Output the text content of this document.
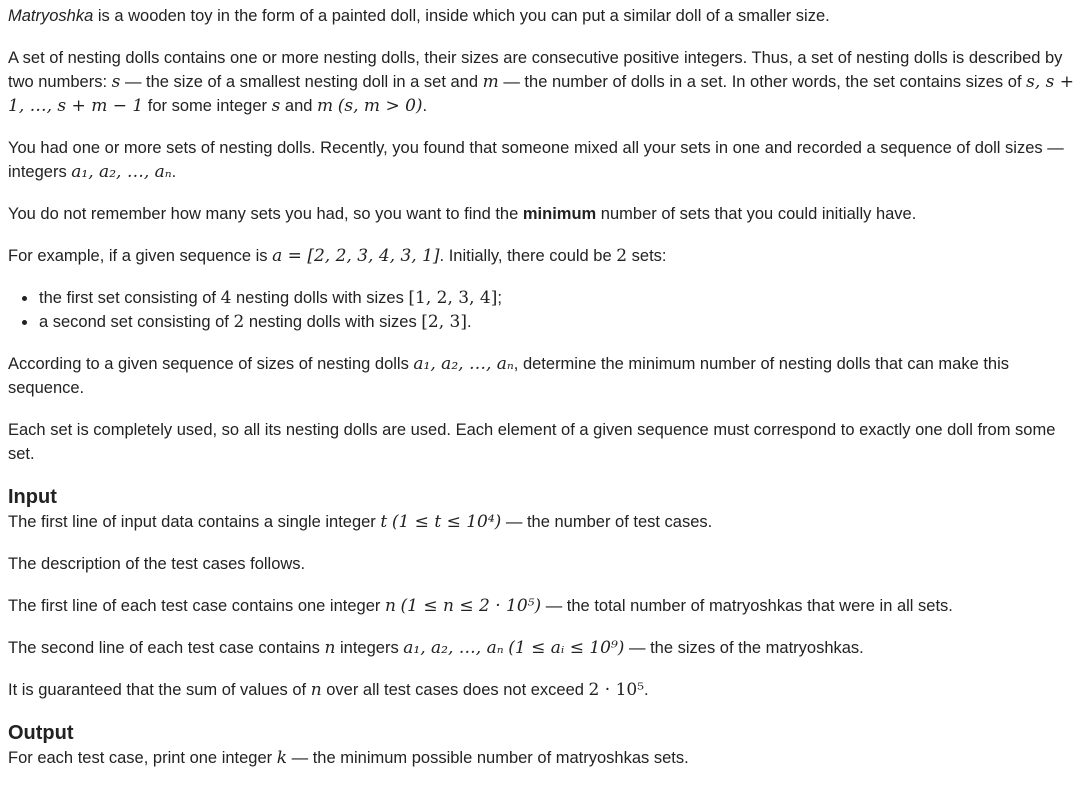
Matryoshka is a wooden toy in the form of a painted doll, inside which you can put a similar doll of a smaller size.

A set of nesting dolls contains one or more nesting dolls, their sizes are consecutive positive integers. Thus, a set of nesting dolls is described by two numbers: s — the size of a smallest nesting doll in a set and m — the number of dolls in a set. In other words, the set contains sizes of s, s + 1, …, s + m − 1 for some integer s and m (s, m > 0).

You had one or more sets of nesting dolls. Recently, you found that someone mixed all your sets in one and recorded a sequence of doll sizes — integers a₁, a₂, …, aₙ.

You do not remember how many sets you had, so you want to find the minimum number of sets that you could initially have.

For example, if a given sequence is a = [2, 2, 3, 4, 3, 1]. Initially, there could be 2 sets:

• the first set consisting of 4 nesting dolls with sizes [1, 2, 3, 4];
• a second set consisting of 2 nesting dolls with sizes [2, 3].

According to a given sequence of sizes of nesting dolls a₁, a₂, …, aₙ, determine the minimum number of nesting dolls that can make this sequence.

Each set is completely used, so all its nesting dolls are used. Each element of a given sequence must correspond to exactly one doll from some set.

Input

The first line of input data contains a single integer t (1 ≤ t ≤ 10⁴) — the number of test cases.

The description of the test cases follows.

The first line of each test case contains one integer n (1 ≤ n ≤ 2 · 10⁵) — the total number of matryoshkas that were in all sets.

The second line of each test case contains n integers a₁, a₂, …, aₙ (1 ≤ aᵢ ≤ 10⁹) — the sizes of the matryoshkas.

It is guaranteed that the sum of values of n over all test cases does not exceed 2 · 10⁵.

Output

For each test case, print one integer k — the minimum possible number of matryoshkas sets.
